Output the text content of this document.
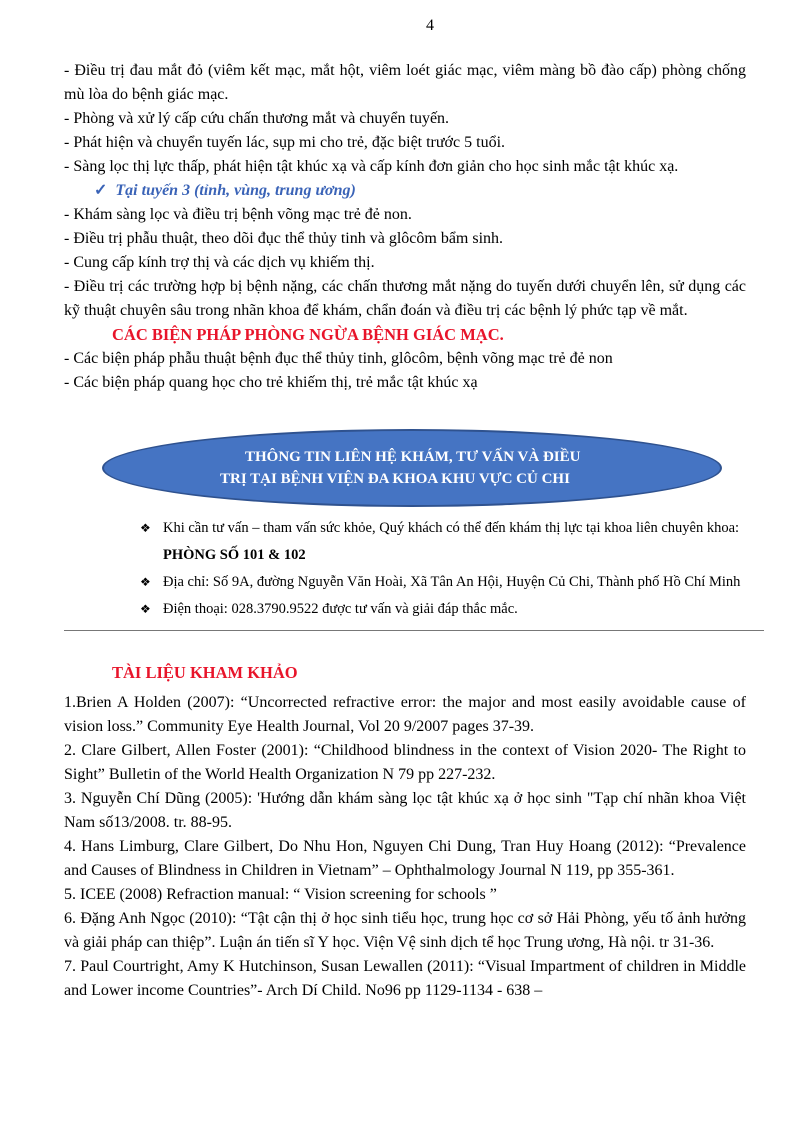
4

- Điều trị đau mắt đỏ (viêm kết mạc, mắt hột, viêm loét giác mạc, viêm màng bồ đào cấp) phòng chống mù lòa do bệnh giác mạc.

- Phòng và xử lý cấp cứu chấn thương mắt và chuyển tuyến.

- Phát hiện và chuyển tuyến lác, sụp mi cho trẻ, đặc biệt trước 5 tuổi.

- Sàng lọc thị lực thấp, phát hiện tật khúc xạ và cấp kính đơn giản cho học sinh mắc tật khúc xạ.

✓ Tại tuyến 3 (tỉnh, vùng, trung ương)

- Khám sàng lọc và điều trị bệnh võng mạc trẻ đẻ non.

- Điều trị phẫu thuật, theo dõi đục thể thủy tinh và glôcôm bẩm sinh.

- Cung cấp kính trợ thị và các dịch vụ khiếm thị.

- Điều trị các trường hợp bị bệnh nặng, các chấn thương mắt nặng do tuyến dưới chuyển lên, sử dụng các kỹ thuật chuyên sâu trong nhãn khoa để khám, chẩn đoán và điều trị các bệnh lý phức tạp về mắt.

CÁC BIỆN PHÁP PHÒNG NGỪA BỆNH GIÁC MẠC.

- Các biện pháp phẫu thuật bệnh đục thể thủy tinh, glôcôm, bệnh võng mạc trẻ đẻ non

- Các biện pháp quang học cho trẻ khiếm thị, trẻ mắc tật khúc xạ

THÔNG TIN LIÊN HỆ KHÁM, TƯ VẤN VÀ ĐIỀU
TRỊ TẠI BỆNH VIỆN ĐA KHOA KHU VỰC CỦ CHI
❖ Khi cần tư vấn – tham vấn sức khỏe, Quý khách có thể đến khám thị lực tại khoa liên chuyên khoa: PHÒNG SỐ 101 & 102
❖ Địa chỉ: Số 9A, đường Nguyễn Văn Hoài, Xã Tân An Hội, Huyện Củ Chi, Thành phố Hồ Chí Minh
❖ Điện thoại: 028.3790.9522 được tư vấn và giải đáp thắc mắc.

TÀI LIỆU KHAM KHẢO

1.Brien A Holden (2007): “Uncorrected refractive error: the major and most easily avoidable cause of vision loss.” Community Eye Health Journal, Vol 20 9/2007 pages 37-39.

2. Clare Gilbert, Allen Foster (2001): “Childhood blindness in the context of Vision 2020- The Right to Sight” Bulletin of the World Health Organization N 79 pp 227-232.

3. Nguyễn Chí Dũng (2005): 'Hướng dẫn khám sàng lọc tật khúc xạ ở học sinh "Tạp chí nhãn khoa Việt Nam số13/2008. tr. 88-95.

4. Hans Limburg, Clare Gilbert, Do Nhu Hon, Nguyen Chi Dung, Tran Huy Hoang (2012): “Prevalence and Causes of Blindness in Children in Vietnam” – Ophthalmology Journal N 119, pp 355-361.

5. ICEE (2008) Refraction manual: “ Vision screening for schools ”

6. Đặng Anh Ngọc (2010): “Tật cận thị ở học sinh tiểu học, trung học cơ sở Hải Phòng, yếu tố ảnh hưởng và giải pháp can thiệp”. Luận án tiến sĩ Y học. Viện Vệ sinh dịch tể học Trung ương, Hà nội. tr 31-36.

7. Paul Courtright, Amy K Hutchinson, Susan Lewallen (2011): “Visual Impartment of children in Middle and Lower income Countries”- Arch Dí Child. No96 pp 1129-1134 - 638 –
